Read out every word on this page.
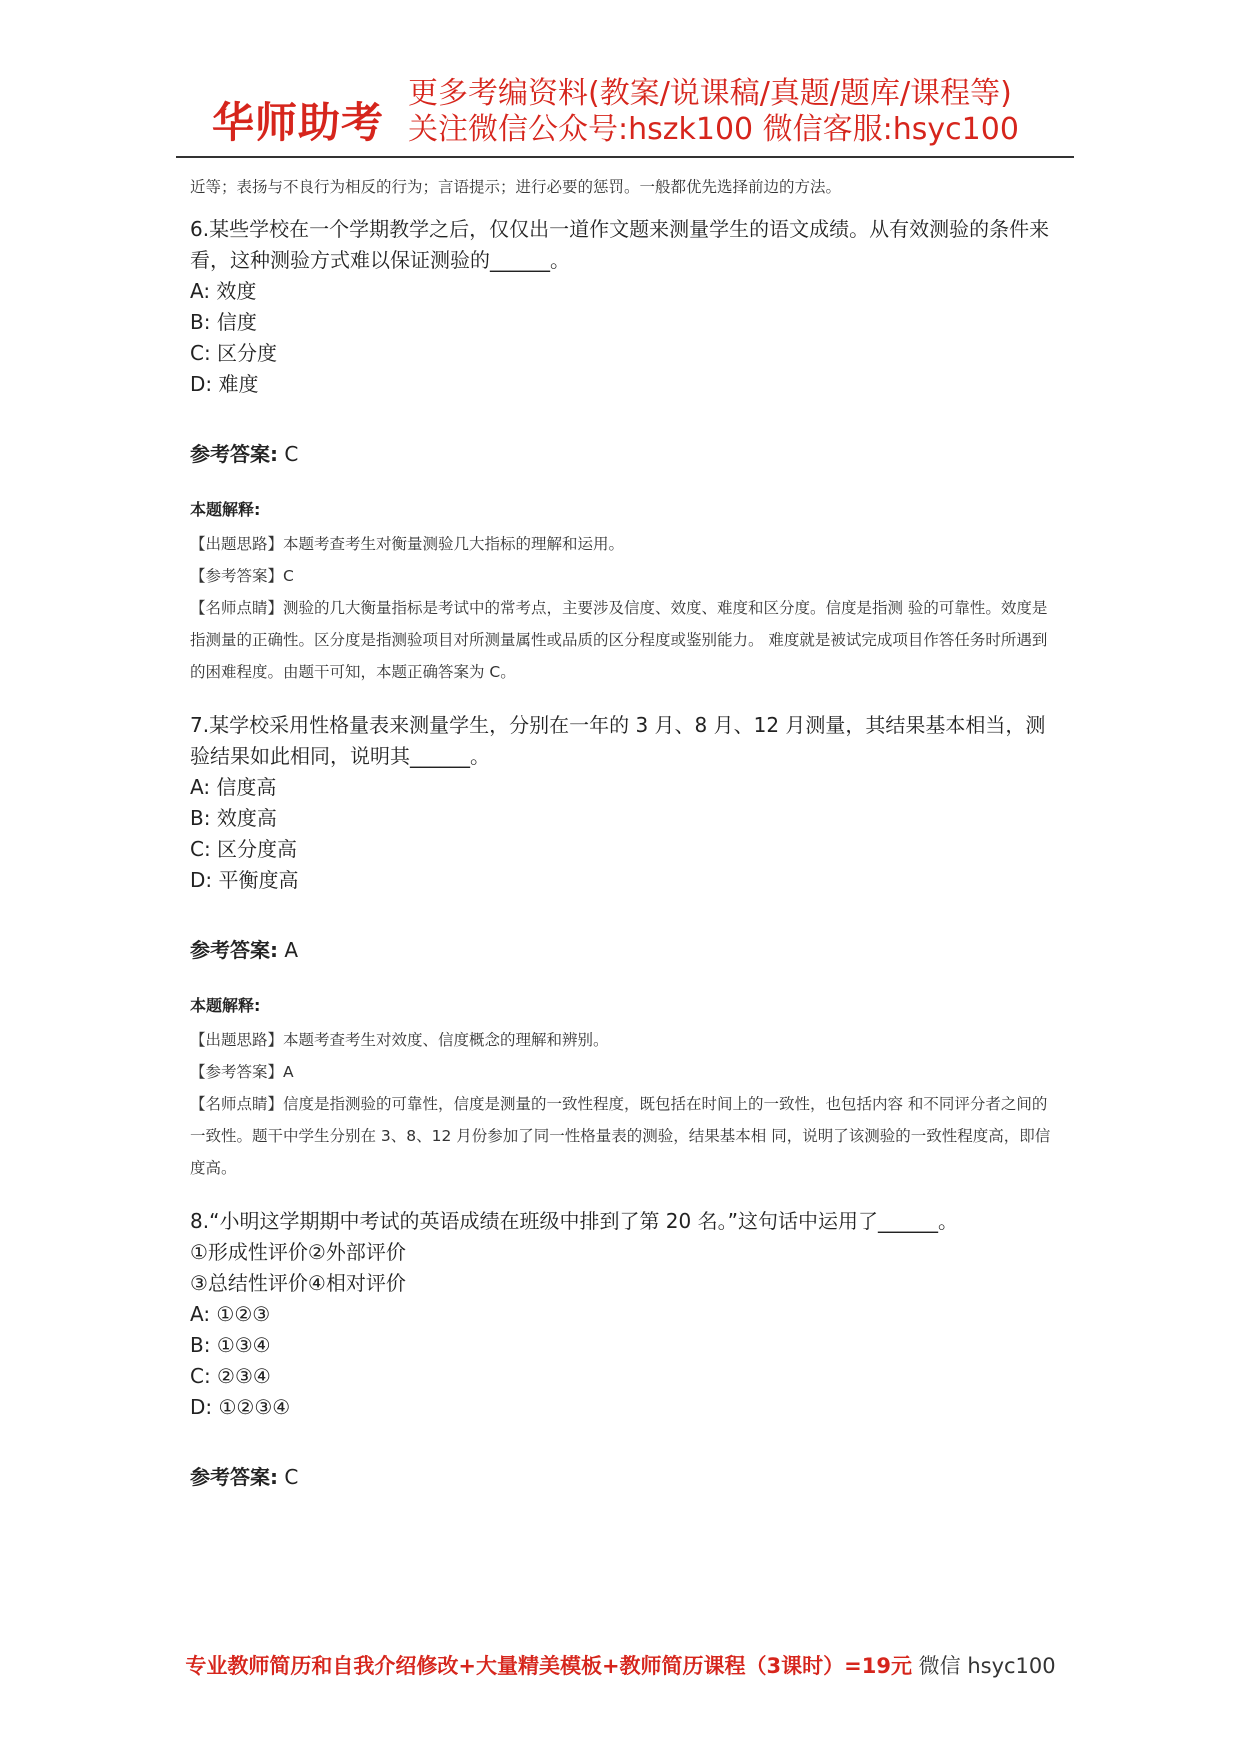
华师助考
更多考编资料(教案/说课稿/真题/题库/课程等)
关注微信公众号:hszk100 微信客服:hsyc100
近等；表扬与不良行为相反的行为；言语提示；进行必要的惩罚。一般都优先选择前边的方法。
6.某些学校在一个学期教学之后，仅仅出一道作文题来测量学生的语文成绩。从有效测验的条件来看，这种测验方式难以保证测验的______。
A: 效度
B: 信度
C: 区分度
D: 难度
参考答案: C
本题解释:
【出题思路】本题考查考生对衡量测验几大指标的理解和运用。
【参考答案】C
【名师点睛】测验的几大衡量指标是考试中的常考点，主要涉及信度、效度、难度和区分度。信度是指测 验的可靠性。效度是指测量的正确性。区分度是指测验项目对所测量属性或品质的区分程度或鉴别能力。 难度就是被试完成项目作答任务时所遇到的困难程度。由题干可知，本题正确答案为 C。
7.某学校采用性格量表来测量学生，分别在一年的 3 月、8 月、12 月测量，其结果基本相当，测验结果如此相同，说明其______。
A: 信度高
B: 效度高
C: 区分度高
D: 平衡度高
参考答案: A
本题解释:
【出题思路】本题考查考生对效度、信度概念的理解和辨别。
【参考答案】A
【名师点睛】信度是指测验的可靠性，信度是测量的一致性程度，既包括在时间上的一致性，也包括内容 和不同评分者之间的一致性。题干中学生分别在 3、8、12 月份参加了同一性格量表的测验，结果基本相 同，说明了该测验的一致性程度高，即信度高。
8.“小明这学期期中考试的英语成绩在班级中排到了第 20 名。”这句话中运用了______。
①形成性评价②外部评价
③总结性评价④相对评价
A: ①②③
B: ①③④
C: ②③④
D: ①②③④
参考答案: C
专业教师简历和自我介绍修改+大量精美模板+教师简历课程（3课时）=19元 微信 hsyc100
